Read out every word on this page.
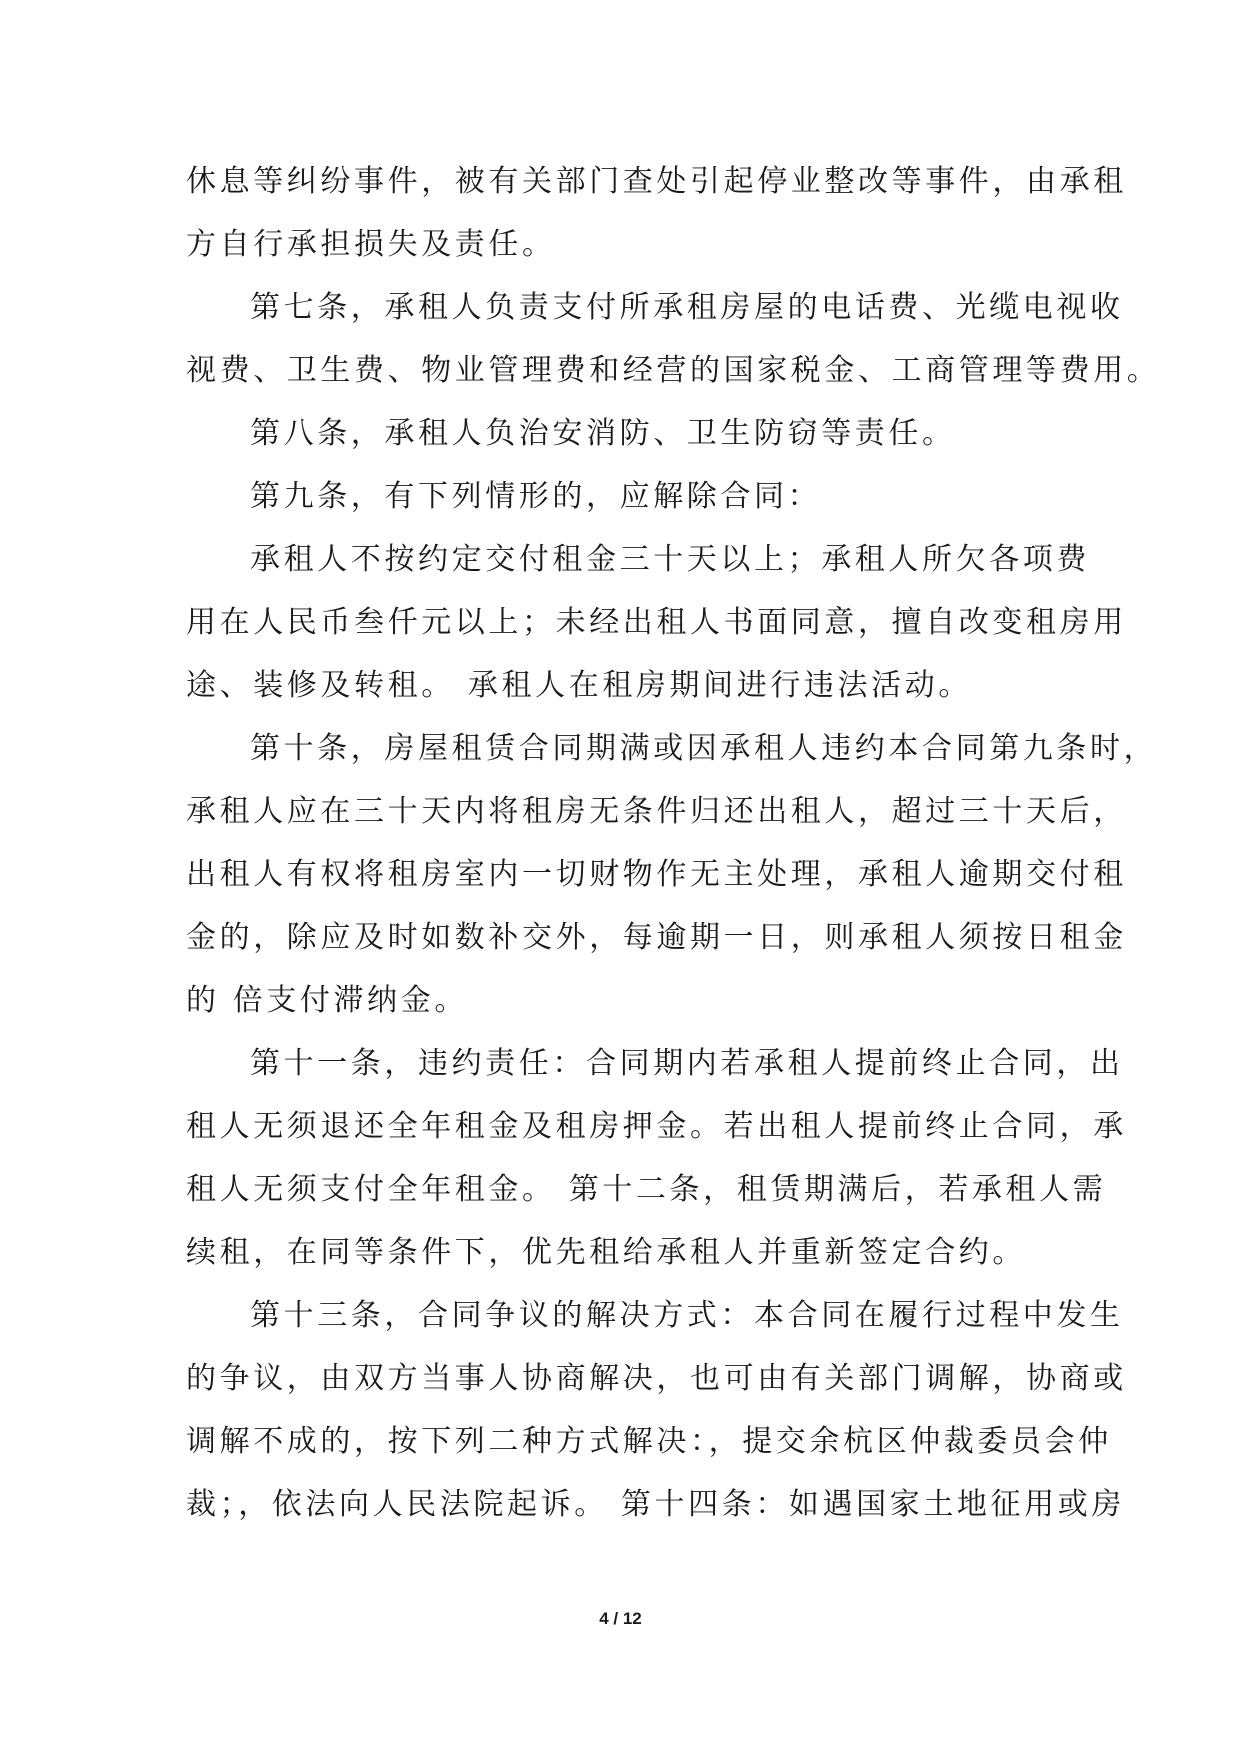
休息等纠纷事件，被有关部门查处引起停业整改等事件，由承租
方自行承担损失及责任。
第七条，承租人负责支付所承租房屋的电话费、光缆电视收
视费、卫生费、物业管理费和经营的国家税金、工商管理等费用。
第八条，承租人负治安消防、卫生防窃等责任。
第九条，有下列情形的，应解除合同：
承租人不按约定交付租金三十天以上；承租人所欠各项费
用在人民币叁仟元以上；未经出租人书面同意，擅自改变租房用
途、装修及转租。 承租人在租房期间进行违法活动。
第十条，房屋租赁合同期满或因承租人违约本合同第九条时，
承租人应在三十天内将租房无条件归还出租人，超过三十天后，
出租人有权将租房室内一切财物作无主处理，承租人逾期交付租
金的，除应及时如数补交外，每逾期一日，则承租人须按日租金
的 倍支付滞纳金。
第十一条，违约责任：合同期内若承租人提前终止合同，出
租人无须退还全年租金及租房押金。若出租人提前终止合同，承
租人无须支付全年租金。 第十二条，租赁期满后，若承租人需
续租，在同等条件下，优先租给承租人并重新签定合约。
第十三条，合同争议的解决方式：本合同在履行过程中发生
的争议，由双方当事人协商解决，也可由有关部门调解，协商或
调解不成的，按下列二种方式解决：，提交余杭区仲裁委员会仲
裁；，依法向人民法院起诉。 第十四条：如遇国家土地征用或房
4 / 12
